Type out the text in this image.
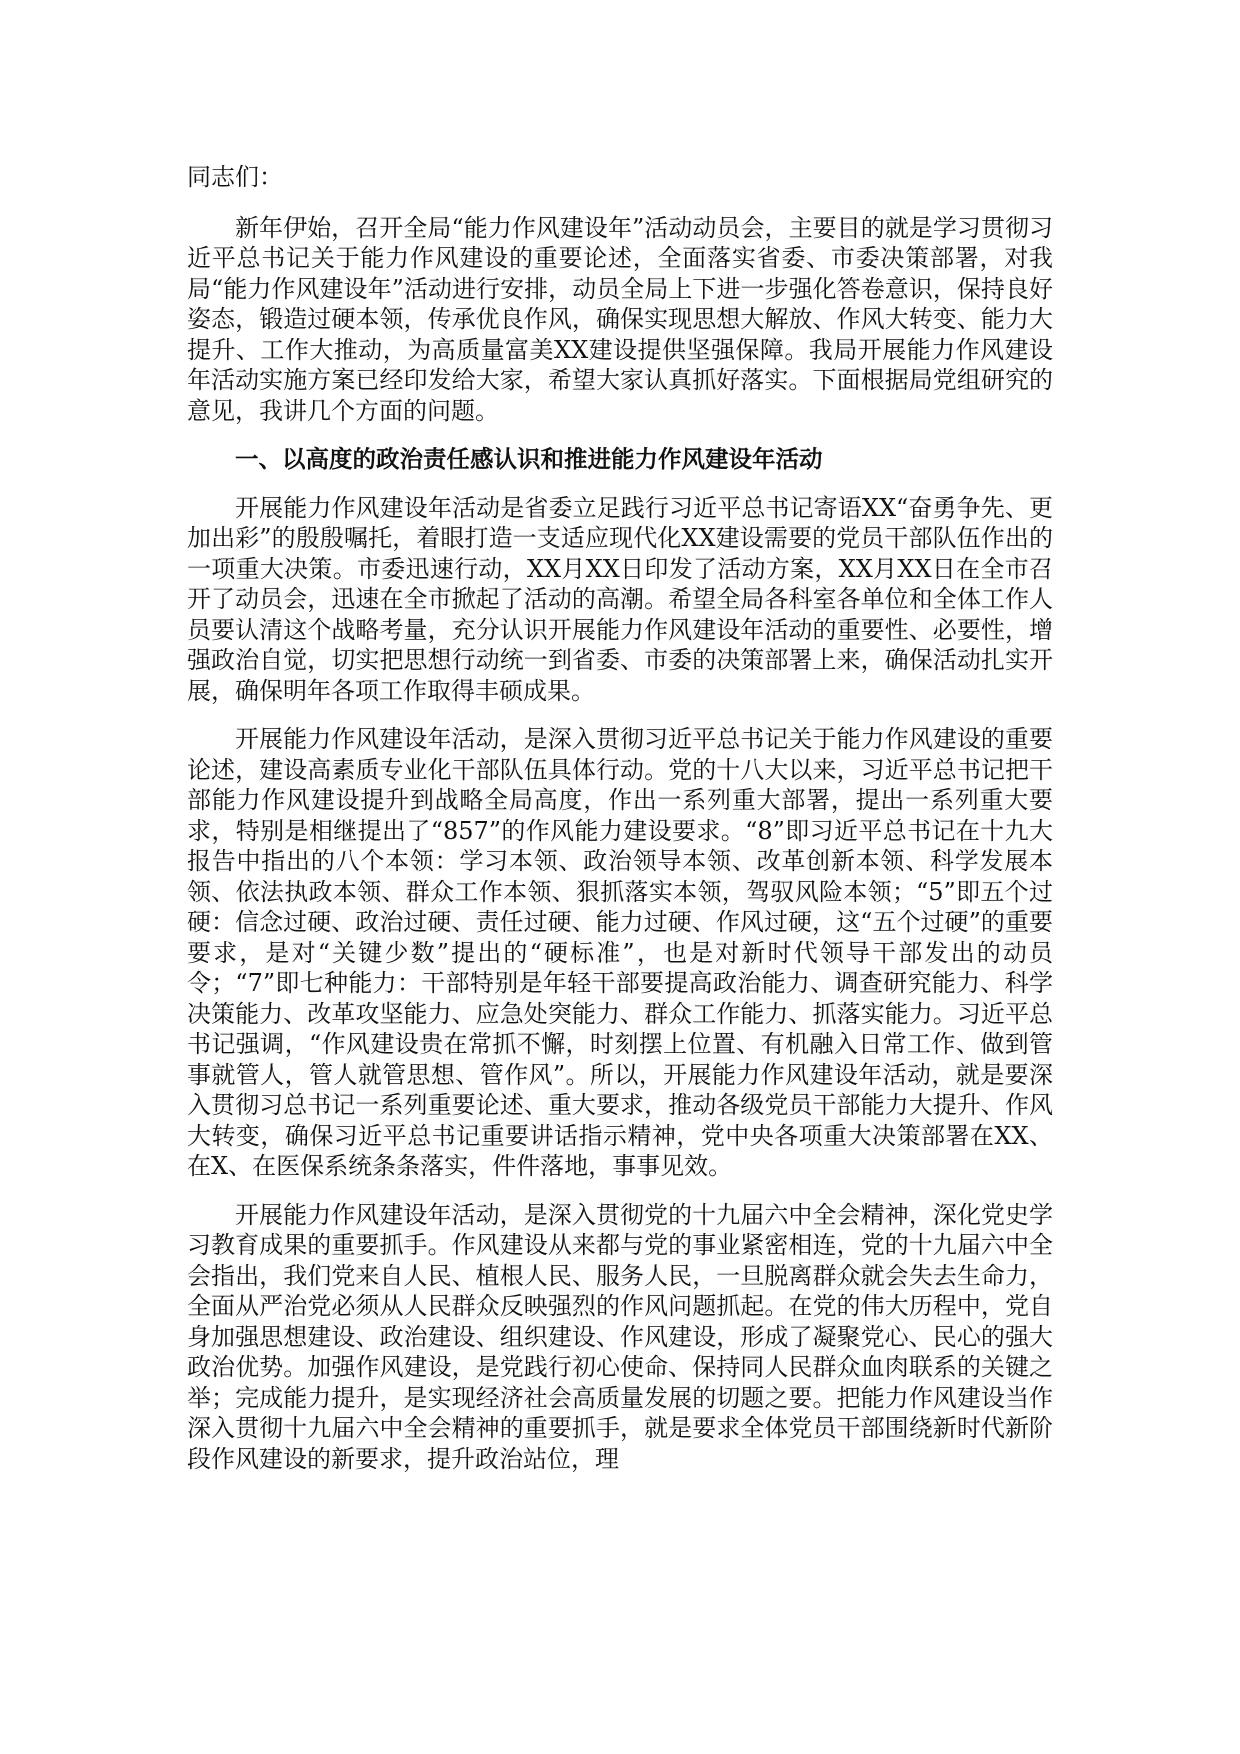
同志们：

新年伊始，召开全局“能力作风建设年”活动动员会，主要目的就是学习贯彻习近平总书记关于能力作风建设的重要论述，全面落实省委、市委决策部署，对我局“能力作风建设年”活动进行安排，动员全局上下进一步强化答卷意识，保持良好姿态，锻造过硬本领，传承优良作风，确保实现思想大解放、作风大转变、能力大提升、工作大推动，为高质量富美XX建设提供坚强保障。我局开展能力作风建设年活动实施方案已经印发给大家，希望大家认真抓好落实。下面根据局党组研究的意见，我讲几个方面的问题。

一、以高度的政治责任感认识和推进能力作风建设年活动

开展能力作风建设年活动是省委立足践行习近平总书记寄语XX“奋勇争先、更加出彩”的殷殷嘱托，着眼打造一支适应现代化XX建设需要的党员干部队伍作出的一项重大决策。市委迅速行动，XX月XX日印发了活动方案，XX月XX日在全市召开了动员会，迅速在全市掀起了活动的高潮。希望全局各科室各单位和全体工作人员要认清这个战略考量，充分认识开展能力作风建设年活动的重要性、必要性，增强政治自觉，切实把思想行动统一到省委、市委的决策部署上来，确保活动扎实开展，确保明年各项工作取得丰硕成果。

开展能力作风建设年活动，是深入贯彻习近平总书记关于能力作风建设的重要论述，建设高素质专业化干部队伍具体行动。党的十八大以来，习近平总书记把干部能力作风建设提升到战略全局高度，作出一系列重大部署，提出一系列重大要求，特别是相继提出了“857”的作风能力建设要求。“8”即习近平总书记在十九大报告中指出的八个本领：学习本领、政治领导本领、改革创新本领、科学发展本领、依法执政本领、群众工作本领、狠抓落实本领，驾驭风险本领；“5”即五个过硬：信念过硬、政治过硬、责任过硬、能力过硬、作风过硬，这“五个过硬”的重要要求，是对“关键少数”提出的“硬标准”，也是对新时代领导干部发出的动员令；“7”即七种能力：干部特别是年轻干部要提高政治能力、调查研究能力、科学决策能力、改革攻坚能力、应急处突能力、群众工作能力、抓落实能力。习近平总书记强调，“作风建设贵在常抓不懈，时刻摆上位置、有机融入日常工作、做到管事就管人，管人就管思想、管作风”。所以，开展能力作风建设年活动，就是要深入贯彻习总书记一系列重要论述、重大要求，推动各级党员干部能力大提升、作风大转变，确保习近平总书记重要讲话指示精神，党中央各项重大决策部署在XX、在X、在医保系统条条落实，件件落地，事事见效。

开展能力作风建设年活动，是深入贯彻党的十九届六中全会精神，深化党史学习教育成果的重要抓手。作风建设从来都与党的事业紧密相连，党的十九届六中全会指出，我们党来自人民、植根人民、服务人民，一旦脱离群众就会失去生命力，全面从严治党必须从人民群众反映强烈的作风问题抓起。在党的伟大历程中，党自身加强思想建设、政治建设、组织建设、作风建设，形成了凝聚党心、民心的强大政治优势。加强作风建设，是党践行初心使命、保持同人民群众血肉联系的关键之举；完成能力提升，是实现经济社会高质量发展的切题之要。把能力作风建设当作深入贯彻十九届六中全会精神的重要抓手，就是要求全体党员干部围绕新时代新阶段作风建设的新要求，提升政治站位，理
